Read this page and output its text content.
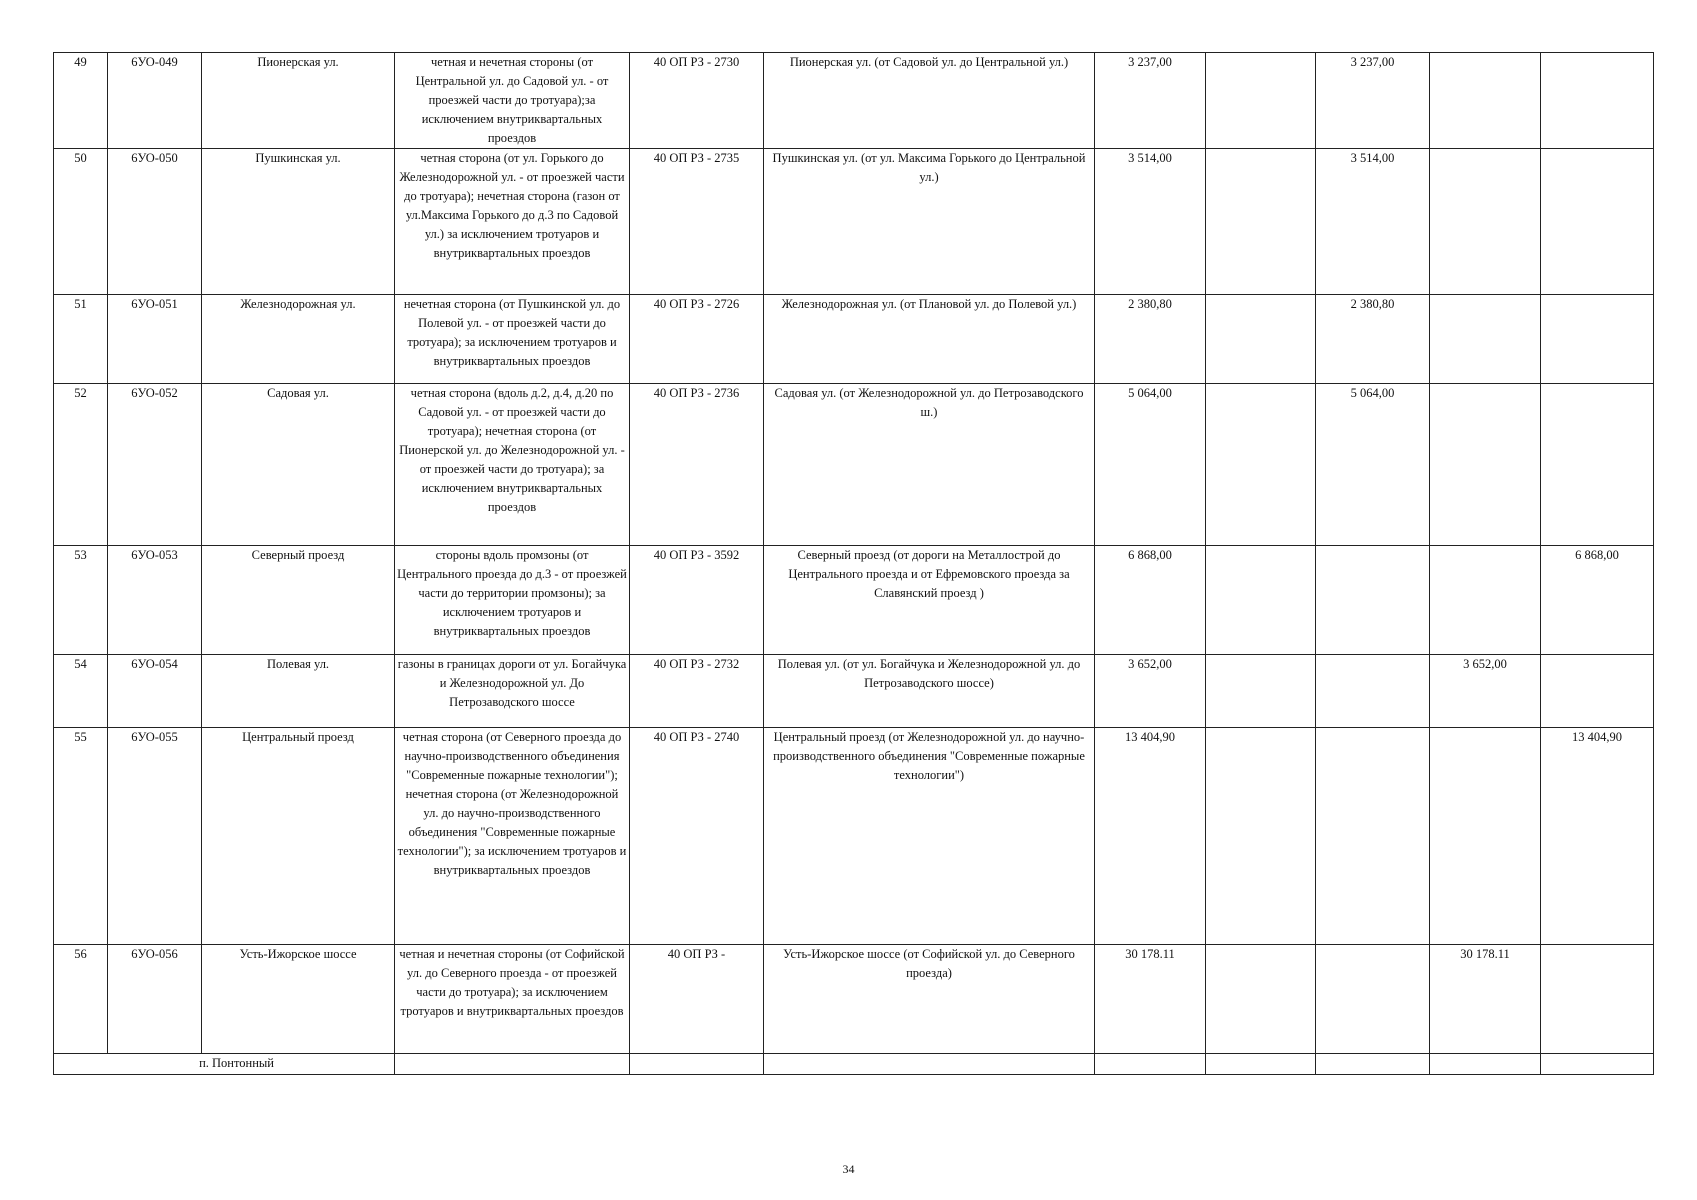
49	6УО-049	Пионерская ул.	четная и нечетная стороны (от Центральной ул. до Садовой ул. - от проезжей части до тротуара);за исключением внутриквартальных проездов	40 ОП РЗ - 2730	Пионерская ул. (от Садовой ул. до Центральной ул.)	3 237,00		3 237,00		
50	6УО-050	Пушкинская ул.	четная сторона (от ул. Горького до Железнодорожной ул. - от проезжей части до тротуара); нечетная сторона (газон от ул.Максима Горького до д.3 по Садовой ул.) за исключением тротуаров и внутриквартальных проездов	40 ОП РЗ - 2735	Пушкинская ул. (от ул. Максима Горького до Центральной ул.)	3 514,00		3 514,00		
51	6УО-051	Железнодорожная ул.	нечетная сторона (от Пушкинской ул. до Полевой ул. - от проезжей части до тротуара); за исключением тротуаров и внутриквартальных проездов	40 ОП РЗ - 2726	Железнодорожная ул. (от Плановой ул. до Полевой ул.)	2 380,80		2 380,80		
52	6УО-052	Садовая ул.	четная сторона (вдоль д.2, д.4, д.20 по Садовой ул. - от проезжей части до тротуара); нечетная сторона (от Пионерской ул. до Железнодорожной ул. - от проезжей части до тротуара); за исключением внутриквартальных проездов	40 ОП РЗ - 2736	Садовая ул. (от Железнодорожной ул. до Петрозаводского ш.)	5 064,00		5 064,00		
53	6УО-053	Северный проезд	стороны вдоль промзоны (от Центрального проезда до д.3 - от проезжей части до территории промзоны); за исключением тротуаров и внутриквартальных проездов	40 ОП РЗ - 3592	Северный проезд (от дороги на Металлострой до Центрального проезда и от Ефремовского проезда за Славянский проезд )	6 868,00				6 868,00
54	6УО-054	Полевая ул.	газоны в границах дороги от ул. Богайчука и Железнодорожной ул. До Петрозаводского шоссе	40 ОП РЗ - 2732	Полевая ул. (от ул. Богайчука и Железнодорожной ул. до Петрозаводского шоссе)	3 652,00			3 652,00	
55	6УО-055	Центральный проезд	четная сторона (от Северного проезда до научно-производственного объединения "Современные пожарные технологии"); нечетная сторона (от Железнодорожной ул. до научно-производственного объединения "Современные пожарные технологии"); за исключением тротуаров и внутриквартальных проездов	40 ОП РЗ - 2740	Центральный проезд (от Железнодорожной ул. до научно-производственного объединения "Современные пожарные технологии")	13 404,90				13 404,90
56	6УО-056	Усть-Ижорское шоссе	четная и нечетная стороны (от Софийской ул. до Северного проезда - от проезжей части до тротуара); за исключением тротуаров и внутриквартальных проездов	40 ОП РЗ -	Усть-Ижорское шоссе (от Софийской ул. до Северного проезда)	30 178.11			30 178.11	
п. Понтонный										
34
